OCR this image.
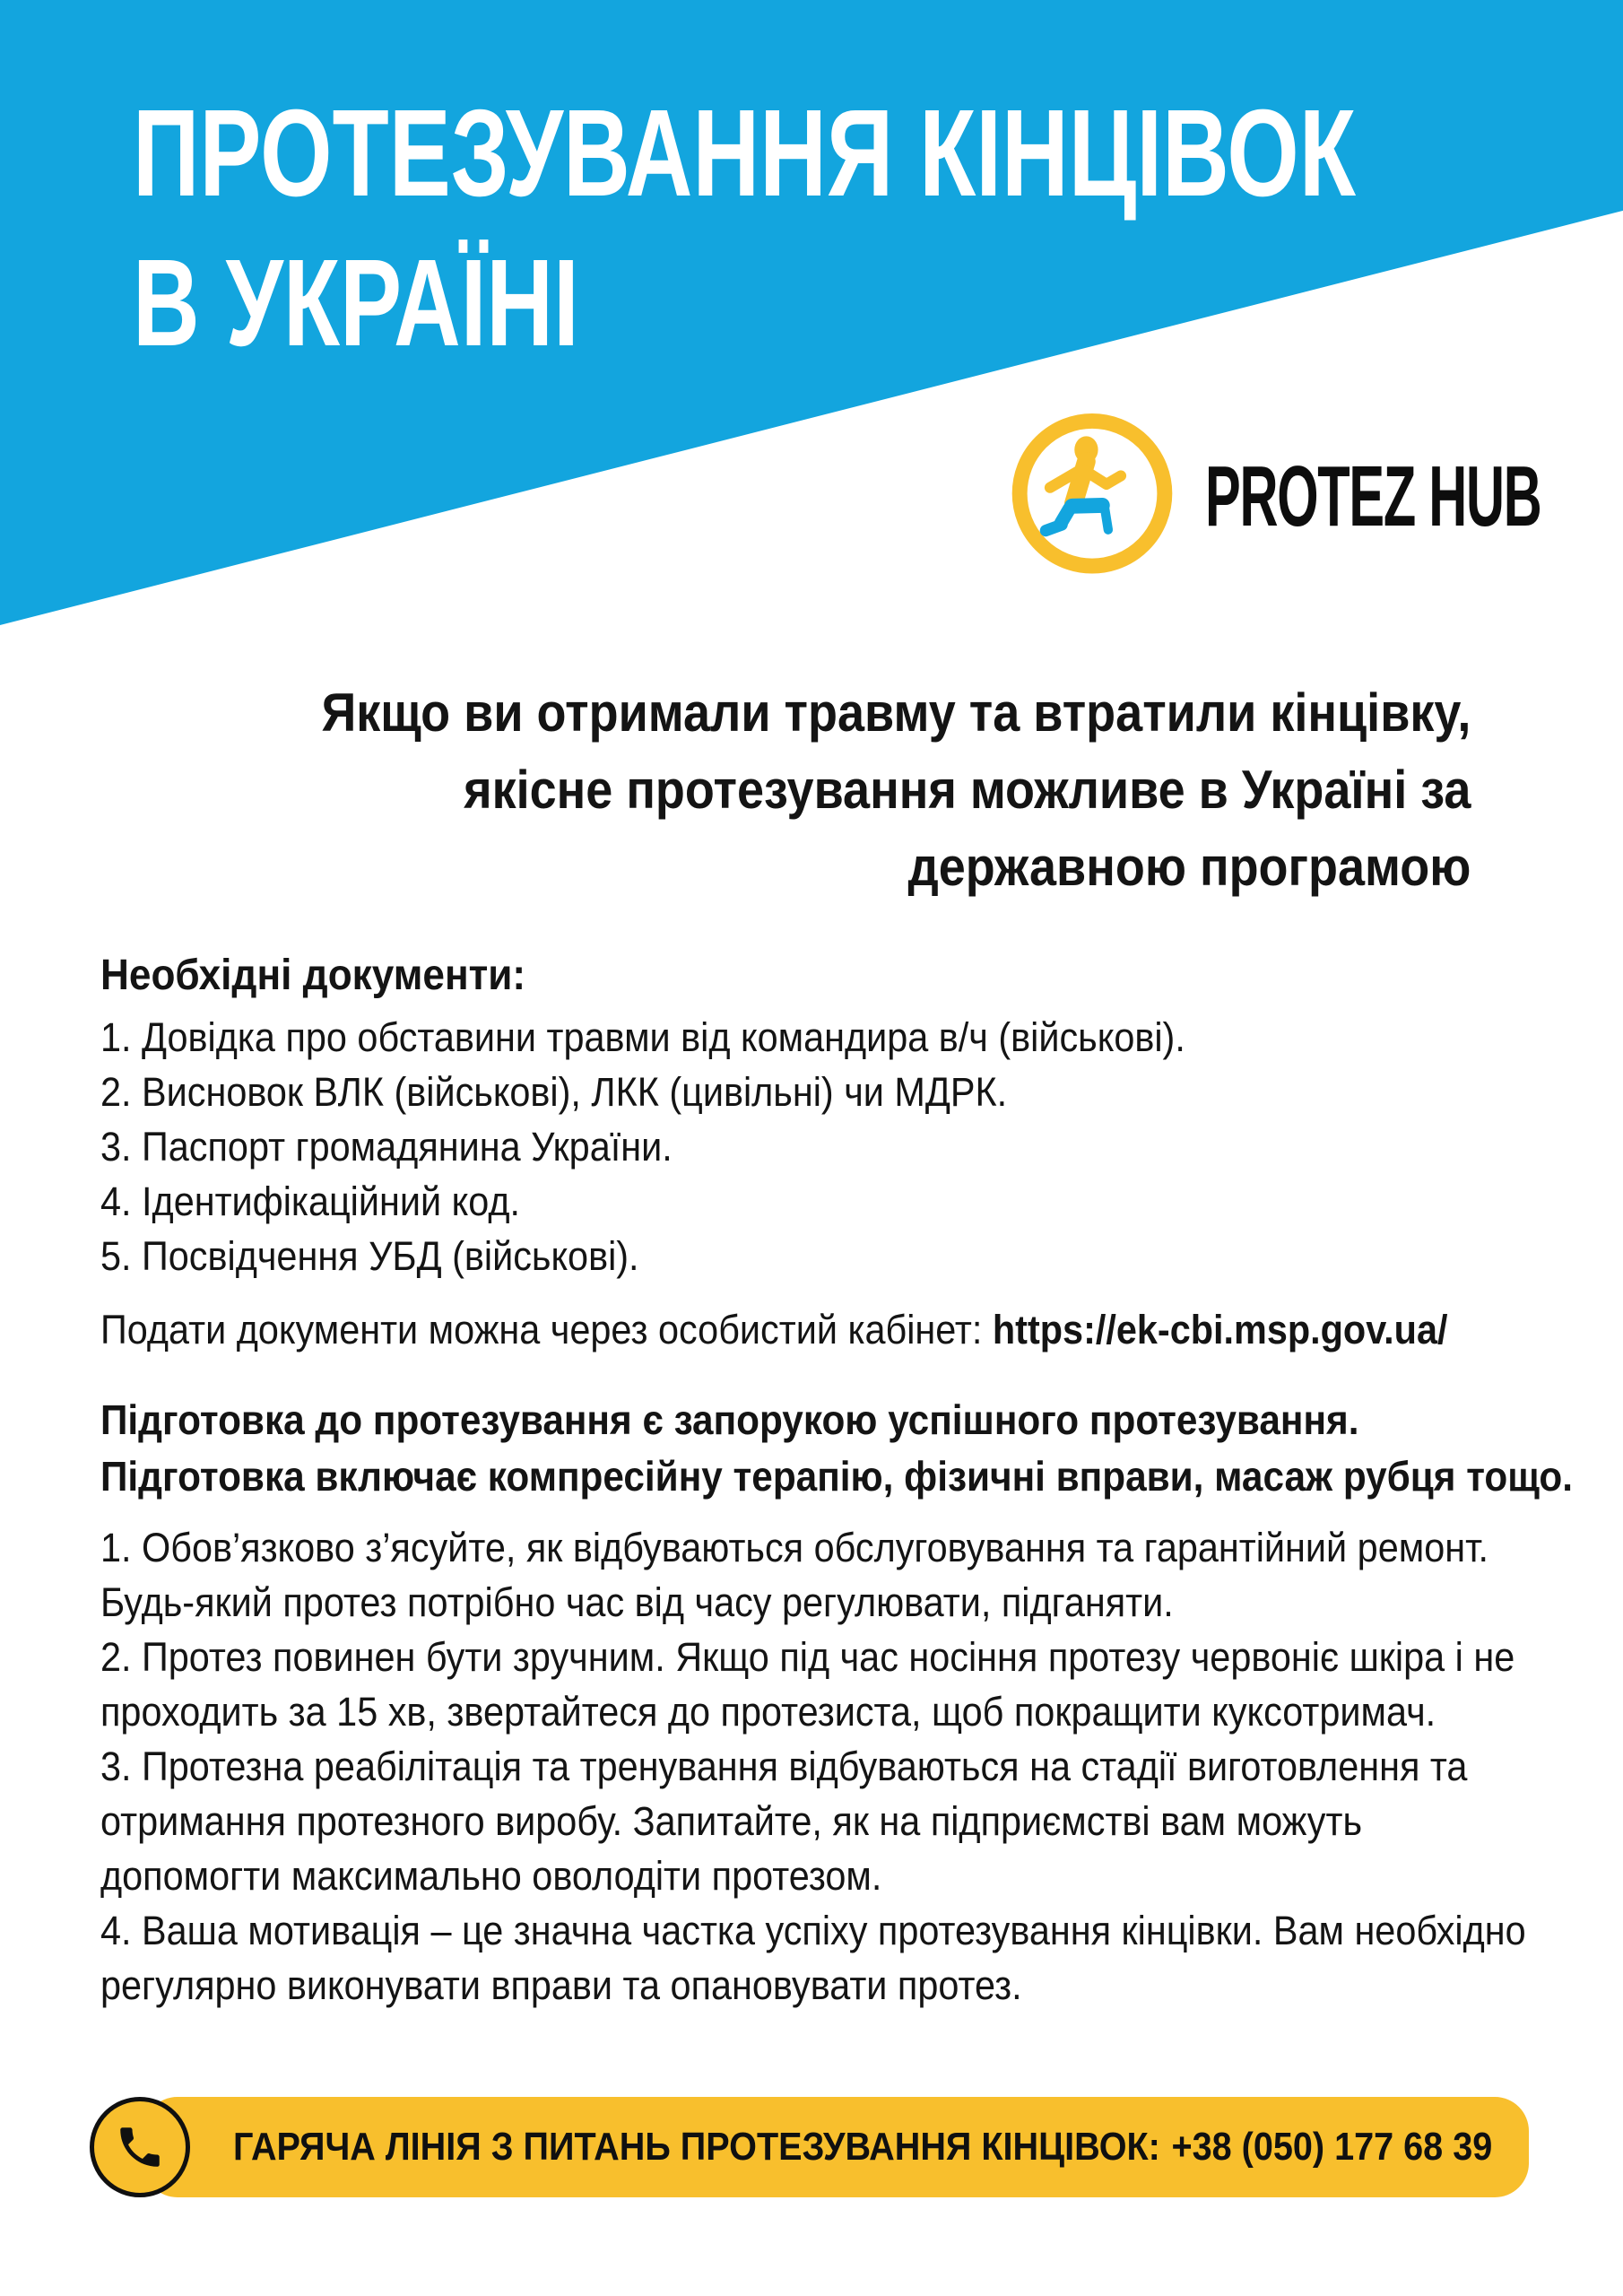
ПРОТЕЗУВАННЯ КІНЦІВОК
В УКРАЇНІ
PROTEZ HUB
Якщо ви отримали травму та втратили кінцівку,
якісне протезування можливе в Україні за
державною програмою
Необхідні документи:
1. Довідка про обставини травми від командира в/ч (військові).
2. Висновок ВЛК (військові), ЛКК (цивільні) чи МДРК.
3. Паспорт громадянина України.
4. Ідентифікаційний код.
5. Посвідчення УБД (військові).
Подати документи можна через особистий кабінет: https://ek-cbi.msp.gov.ua/
Підготовка до протезування є запорукою успішного протезування.
Підготовка включає компресійну терапію, фізичні вправи, масаж рубця тощо.
1. Обов’язково з’ясуйте, як відбуваються обслуговування та гарантійний ремонт. Будь-який протез потрібно час від часу регулювати, підганяти.
2. Протез повинен бути зручним. Якщо під час носіння протезу червоніє шкіра і не проходить за 15 хв, звертайтеся до протезиста, щоб покращити куксотримач.
3. Протезна реабілітація та тренування відбуваються на стадії виготовлення та отримання протезного виробу. Запитайте, як на підприємстві вам можуть допомогти максимально оволодіти протезом.
4. Ваша мотивація – це значна частка успіху протезування кінцівки. Вам необхідно регулярно виконувати вправи та опановувати протез.
ГАРЯЧА ЛІНІЯ З ПИТАНЬ ПРОТЕЗУВАННЯ КІНЦІВОК: +38 (050) 177 68 39
